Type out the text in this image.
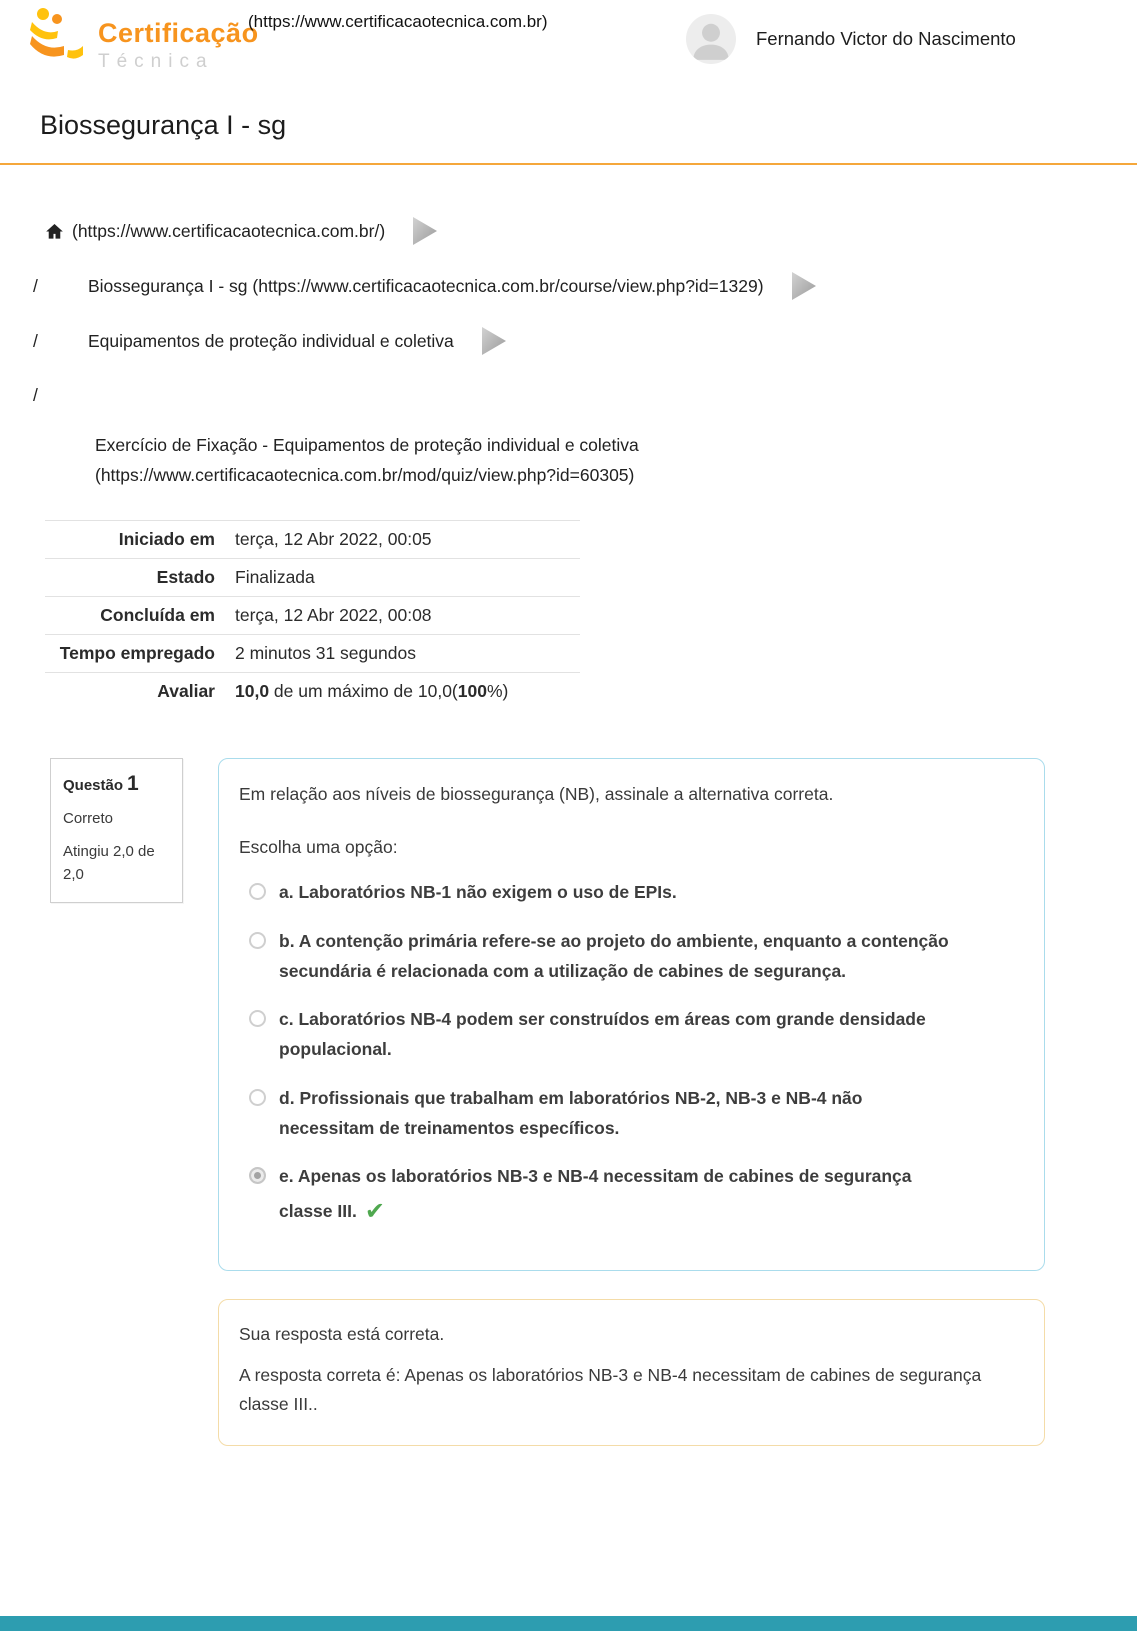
Certificação
Técnica
(https://www.certificacaotecnica.com.br)
Fernando Victor do Nascimento
Biossegurança I - sg
(https://www.certificacaotecnica.com.br/)
/	Biossegurança I - sg (https://www.certificacaotecnica.com.br/course/view.php?id=1329)
/	Equipamentos de proteção individual e coletiva
/
Exercício de Fixação - Equipamentos de proteção individual e coletiva (https://www.certificacaotecnica.com.br/mod/quiz/view.php?id=60305)
Iniciado em	terça, 12 Abr 2022, 00:05
Estado	Finalizada
Concluída em	terça, 12 Abr 2022, 00:08
Tempo empregado	2 minutos 31 segundos
Avaliar	10,0 de um máximo de 10,0(100%)
Questão 1
Correto
Atingiu 2,0 de 2,0
Em relação aos níveis de biossegurança (NB), assinale a alternativa correta.
Escolha uma opção:
a. Laboratórios NB-1 não exigem o uso de EPIs.
b. A contenção primária refere-se ao projeto do ambiente, enquanto a contenção secundária é relacionada com a utilização de cabines de segurança.
c. Laboratórios NB-4 podem ser construídos em áreas com grande densidade populacional.
d. Profissionais que trabalham em laboratórios NB-2, NB-3 e NB-4 não necessitam de treinamentos específicos.
e. Apenas os laboratórios NB-3 e NB-4 necessitam de cabines de segurança classe III. ✔

Sua resposta está correta.

A resposta correta é: Apenas os laboratórios NB-3 e NB-4 necessitam de cabines de segurança classe III..
